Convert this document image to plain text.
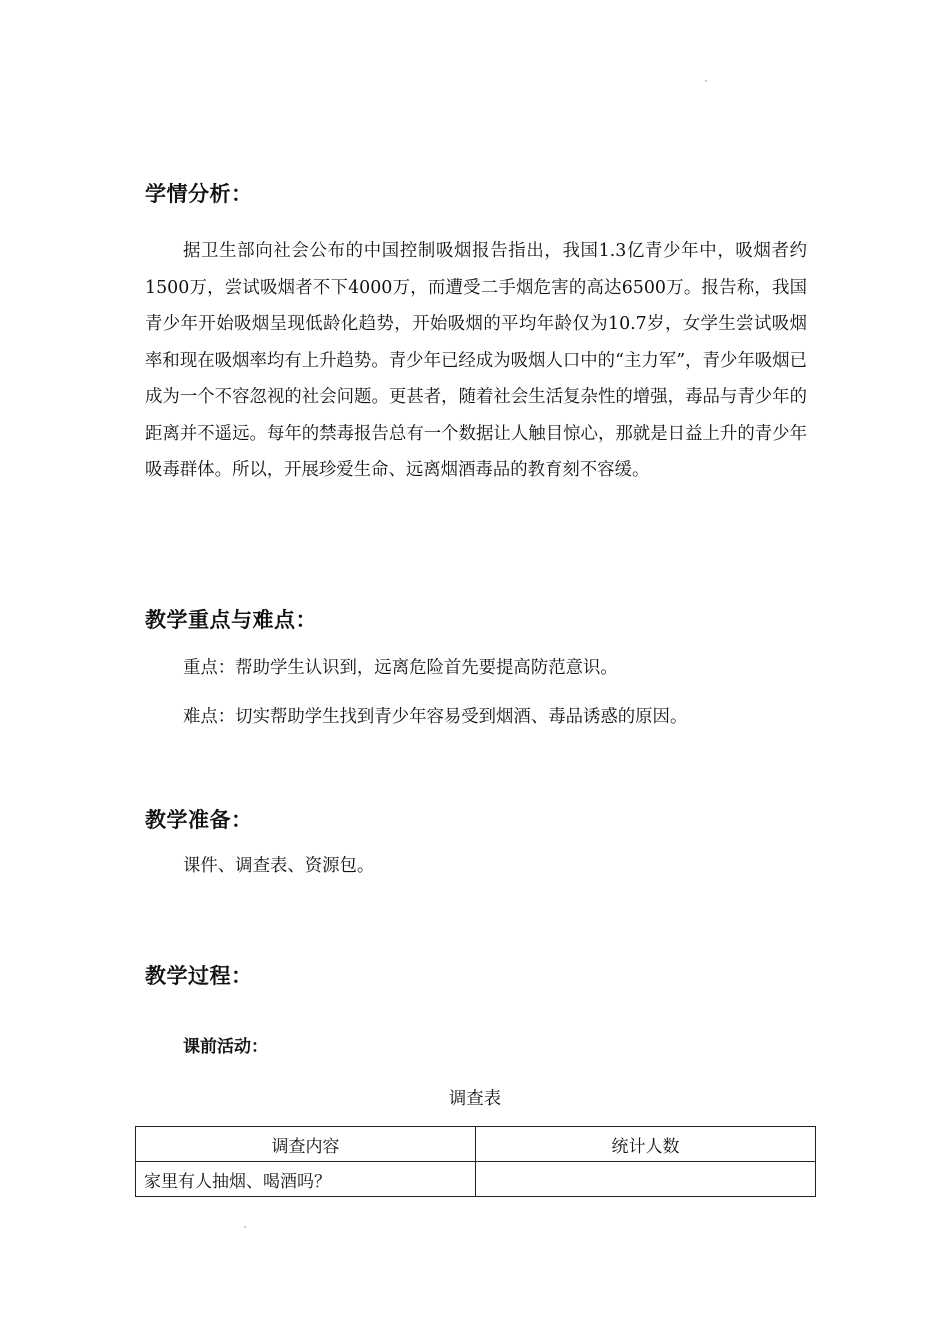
学情分析：

据卫生部向社会公布的中国控制吸烟报告指出，我国1.3亿青少年中，吸烟者约1500万，尝试吸烟者不下4000万，而遭受二手烟危害的高达6500万。报告称，我国青少年开始吸烟呈现低龄化趋势，开始吸烟的平均年龄仅为10.7岁，女学生尝试吸烟率和现在吸烟率均有上升趋势。青少年已经成为吸烟人口中的“主力军”，青少年吸烟已成为一个不容忽视的社会问题。更甚者，随着社会生活复杂性的增强，毒品与青少年的距离并不遥远。每年的禁毒报告总有一个数据让人触目惊心，那就是日益上升的青少年吸毒群体。所以，开展珍爱生命、远离烟酒毒品的教育刻不容缓。

教学重点与难点：

重点：帮助学生认识到，远离危险首先要提高防范意识。

难点：切实帮助学生找到青少年容易受到烟酒、毒品诱惑的原因。

教学准备：

课件、调查表、资源包。

教学过程：
课前活动：

调查表

调查内容	统计人数
家里有人抽烟、喝酒吗？	
